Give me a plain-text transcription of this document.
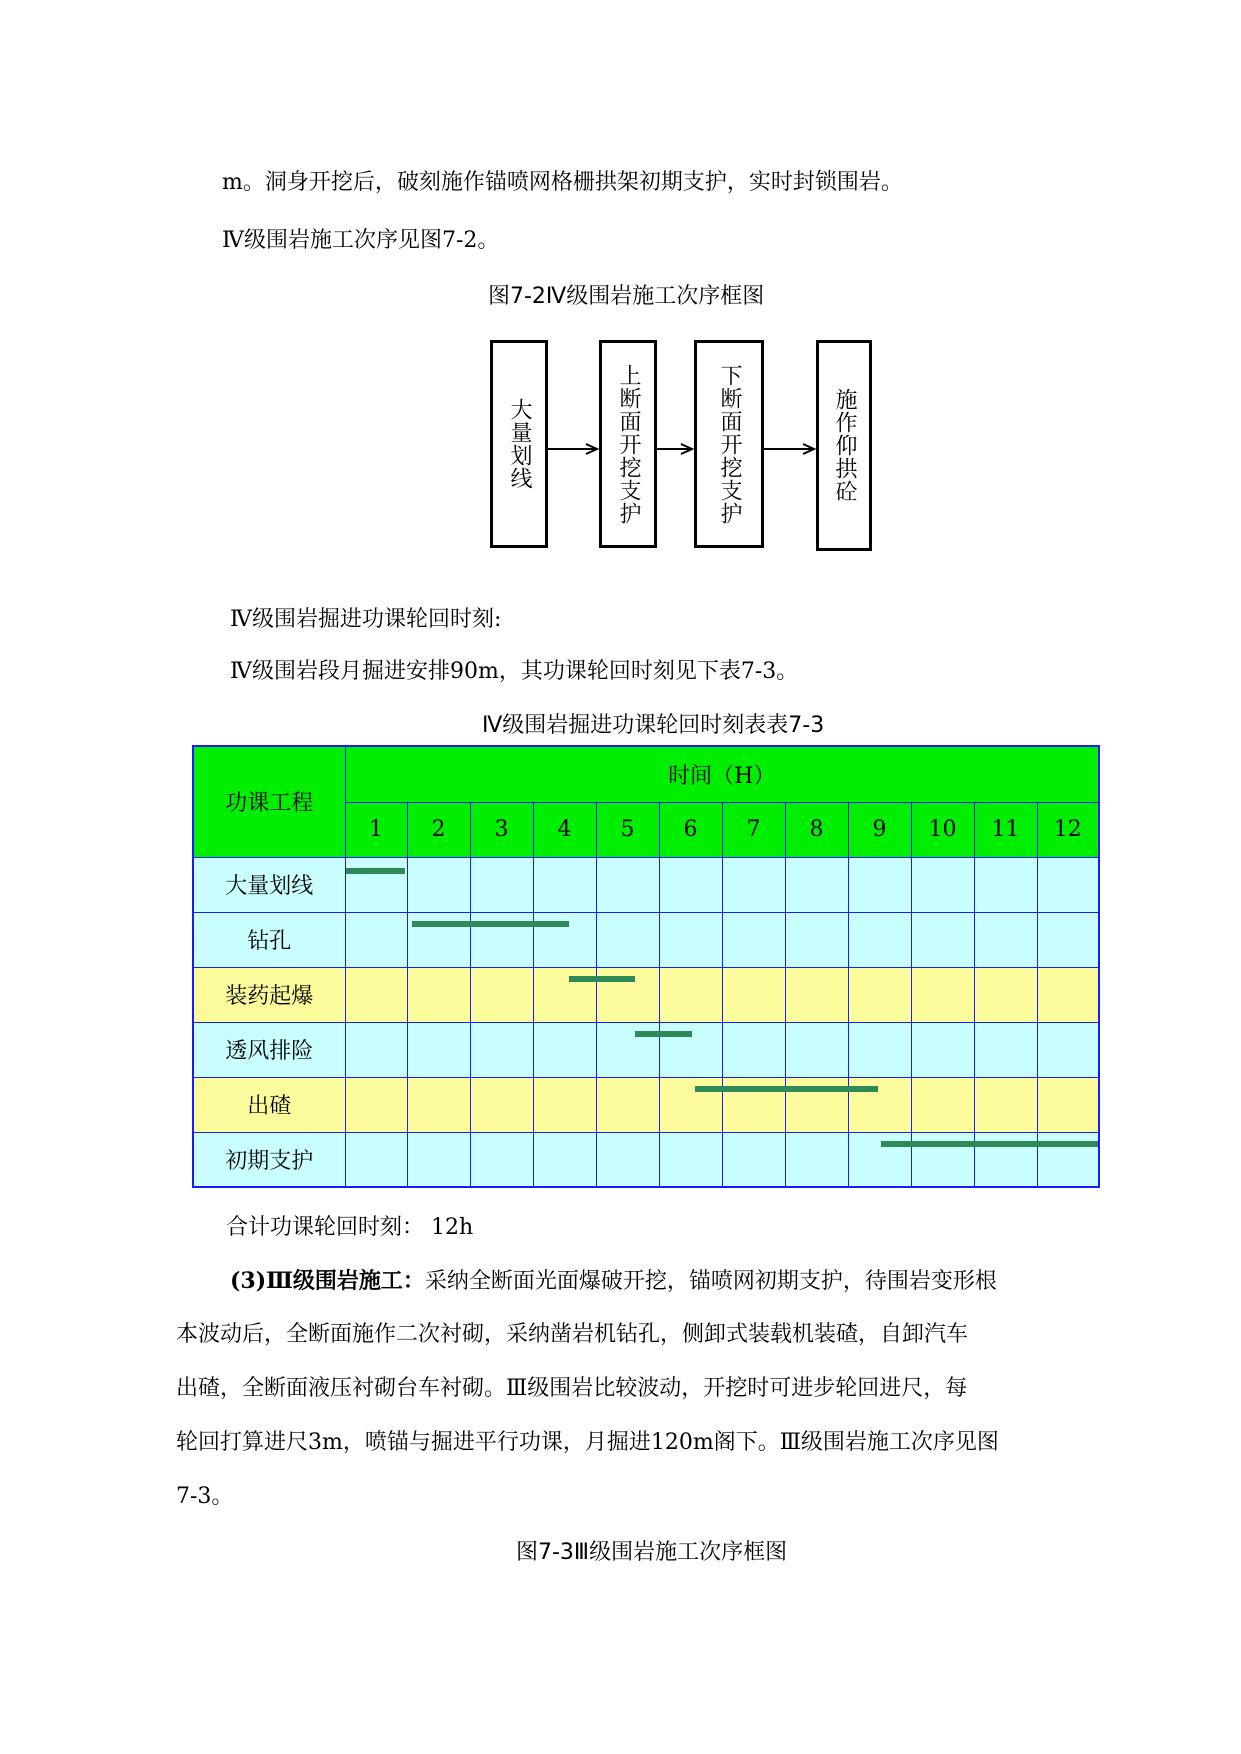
m。洞身开挖后，破刻施作锚喷网格栅拱架初期支护，实时封锁围岩。
Ⅳ级围岩施工次序见图7-2。
图7-2Ⅳ级围岩施工次序框图
大量划线	上断面开挖支护	下断面开挖支护	施作仰拱砼
Ⅳ级围岩掘进功课轮回时刻:
Ⅳ级围岩段月掘进安排90m，其功课轮回时刻见下表7-3。
Ⅳ级围岩掘进功课轮回时刻表表7-3
功课工程	时间（H）											
	1	2	3	4	5	6	7	8	9	10	11	12
大量划线	

钻孔	

装药起爆	

透风排险	

出碴	

初期支护	

合计功课轮回时刻： 12h
(3)Ⅲ级围岩施工：采纳全断面光面爆破开挖，锚喷网初期支护，待围岩变形根
本波动后，全断面施作二次衬砌，采纳凿岩机钻孔，侧卸式装载机装碴，自卸汽车
出碴，全断面液压衬砌台车衬砌。Ⅲ级围岩比较波动，开挖时可进步轮回进尺，每
轮回打算进尺3m，喷锚与掘进平行功课，月掘进120m阁下。Ⅲ级围岩施工次序见图
7-3。
图7-3Ⅲ级围岩施工次序框图
